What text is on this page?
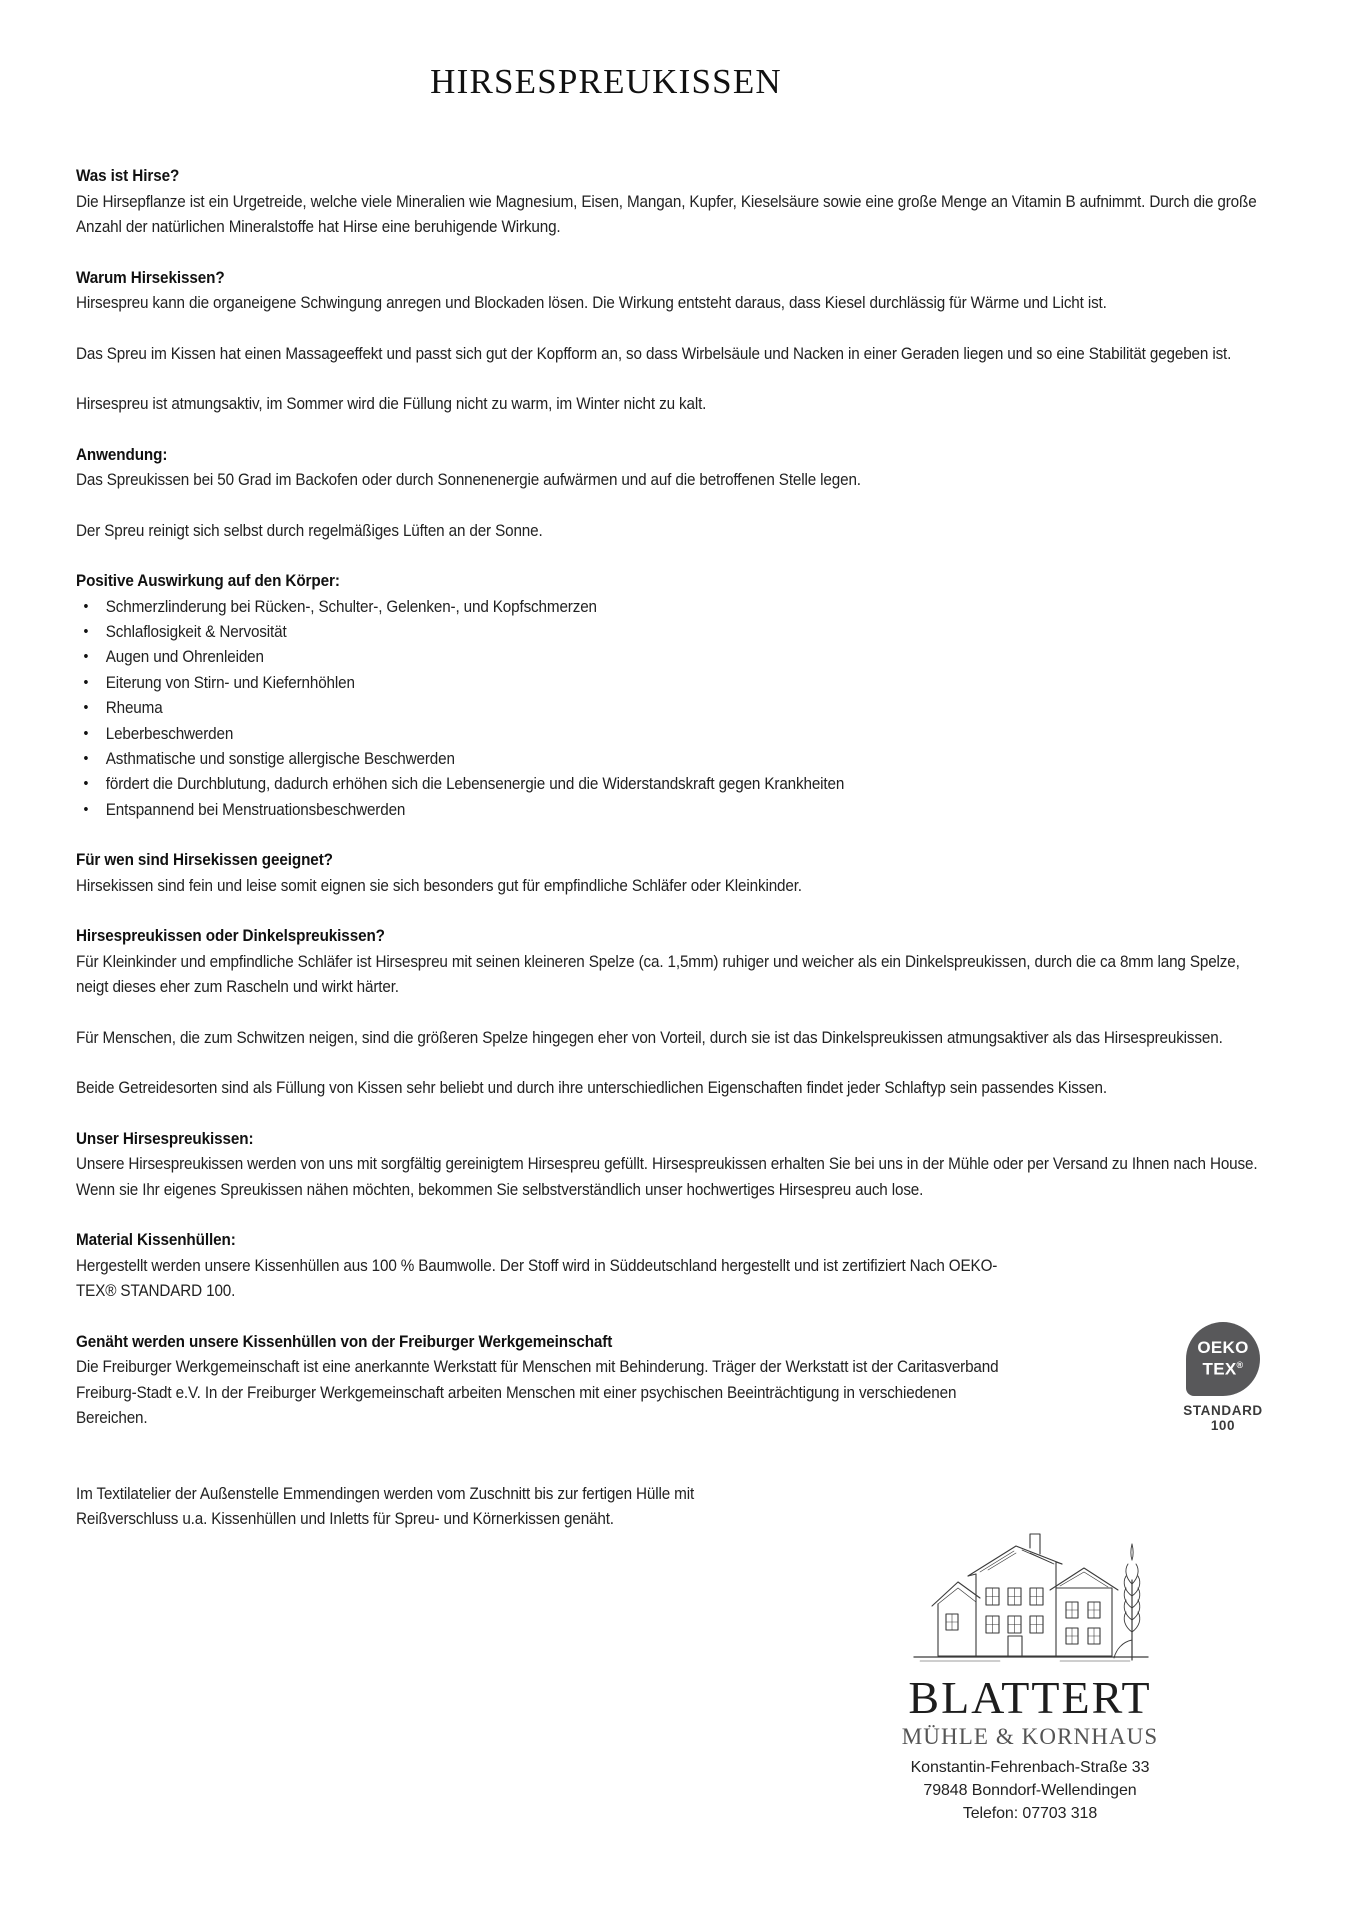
HIRSESPREUKISSEN
Was ist Hirse?

Die Hirsepflanze ist ein Urgetreide, welche viele Mineralien wie Magnesium, Eisen, Mangan, Kupfer, Kieselsäure sowie eine große Menge an Vitamin B aufnimmt. Durch die große Anzahl der natürlichen Mineralstoffe hat Hirse eine beruhigende Wirkung.

Warum Hirsekissen?

Hirsespreu kann die organeigene Schwingung anregen und Blockaden lösen. Die Wirkung entsteht daraus, dass Kiesel durchlässig für Wärme und Licht ist.

Das Spreu im Kissen hat einen Massageeffekt und passt sich gut der Kopfform an, so dass Wirbelsäule und Nacken in einer Geraden liegen und so eine Stabilität gegeben ist.

Hirsespreu ist atmungsaktiv, im Sommer wird die Füllung nicht zu warm, im Winter nicht zu kalt.

Anwendung:

Das Spreukissen bei 50 Grad im Backofen oder durch Sonnenenergie aufwärmen und auf die betroffenen Stelle legen.

Der Spreu reinigt sich selbst durch regelmäßiges Lüften an der Sonne.

Positive Auswirkung auf den Körper:
• Schmerzlinderung bei Rücken-, Schulter-, Gelenken-, und Kopfschmerzen
• Schlaflosigkeit & Nervosität
• Augen und Ohrenleiden
• Eiterung von Stirn- und Kiefernhöhlen
• Rheuma
• Leberbeschwerden
• Asthmatische und sonstige allergische Beschwerden
• fördert die Durchblutung, dadurch erhöhen sich die Lebensenergie und die Widerstandskraft gegen Krankheiten
• Entspannend bei Menstruationsbeschwerden
Für wen sind Hirsekissen geeignet?

Hirsekissen sind fein und leise somit eignen sie sich besonders gut für empfindliche Schläfer oder Kleinkinder.

Hirsespreukissen oder Dinkelspreukissen?

Für Kleinkinder und empfindliche Schläfer ist Hirsespreu mit seinen kleineren Spelze (ca. 1,5mm) ruhiger und weicher als ein Dinkelspreukissen, durch die ca 8mm lang Spelze, neigt dieses eher zum Rascheln und wirkt härter.

Für Menschen, die zum Schwitzen neigen, sind die größeren Spelze hingegen eher von Vorteil, durch sie ist das Dinkelspreukissen atmungsaktiver als das Hirsespreukissen.

Beide Getreidesorten sind als Füllung von Kissen sehr beliebt und durch ihre unterschiedlichen Eigenschaften findet jeder Schlaftyp sein passendes Kissen.

Unser Hirsespreukissen:

Unsere Hirsespreukissen werden von uns mit sorgfältig gereinigtem Hirsespreu gefüllt. Hirsespreukissen erhalten Sie bei uns in der Mühle oder per Versand zu Ihnen nach House. Wenn sie Ihr eigenes Spreukissen nähen möchten, bekommen Sie selbstverständlich unser hochwertiges Hirsespreu auch lose.

Material Kissenhüllen:

Hergestellt werden unsere Kissenhüllen aus 100 % Baumwolle. Der Stoff wird in Süddeutschland hergestellt und ist zertifiziert Nach OEKO-TEX® STANDARD 100.

Genäht werden unsere Kissenhüllen von der Freiburger Werkgemeinschaft

Die Freiburger Werkgemeinschaft ist eine anerkannte Werkstatt für Menschen mit Behinderung. Träger der Werkstatt ist der Caritasverband Freiburg-Stadt e.V. In der Freiburger Werkgemeinschaft arbeiten Menschen mit einer psychischen Beeinträchtigung in verschiedenen Bereichen.

Im Textilatelier der Außenstelle Emmendingen werden vom Zuschnitt bis zur fertigen Hülle mit Reißverschluss u.a. Kissenhüllen und Inletts für Spreu- und Körnerkissen genäht.

OEKO
TEX®
STANDARD
100
BLATTERT
MÜHLE & KORNHAUS
Konstantin-Fehrenbach-Straße 33
79848 Bonndorf-Wellendingen
Telefon: 07703 318
